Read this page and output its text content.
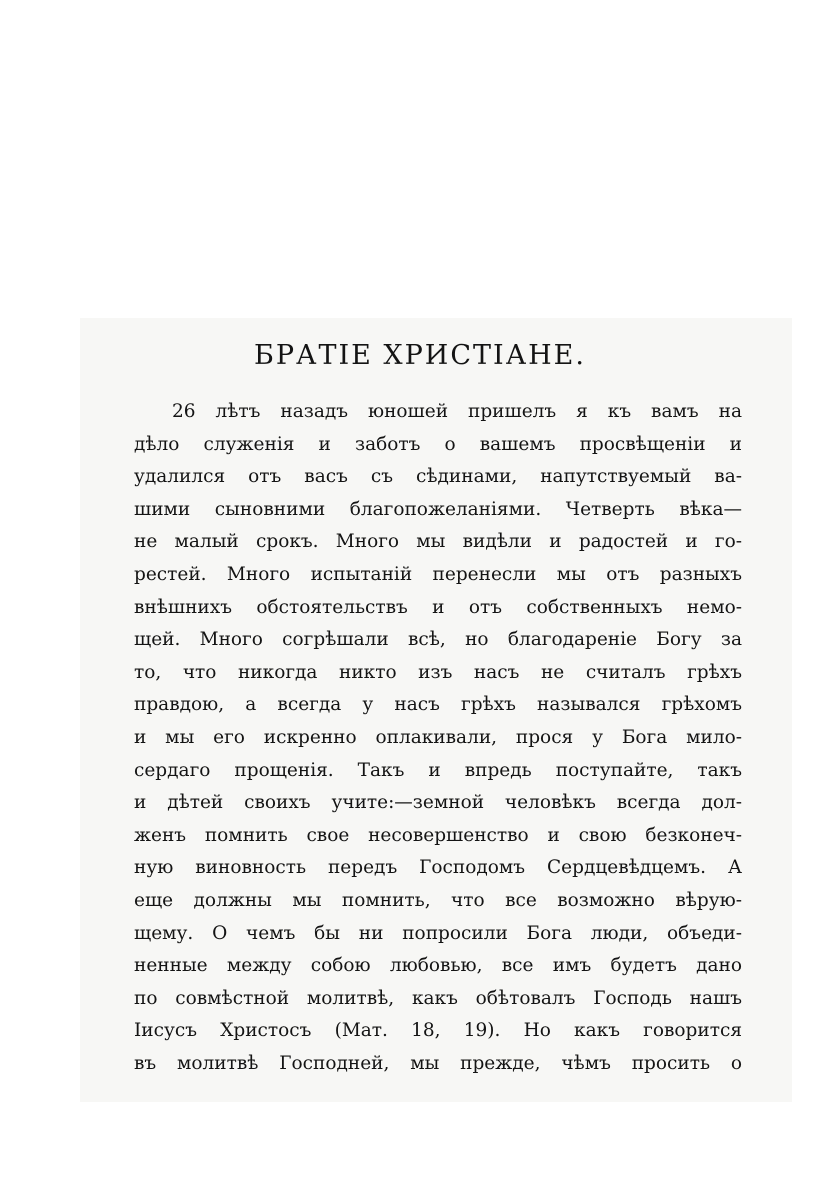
БРАТІЕ ХРИСТІАНЕ.
26 лѣтъ назадъ юношей пришелъ я къ вамъ на
дѣло служенія и заботъ о вашемъ просвѣщеніи и
удалился отъ васъ съ сѣдинами, напутствуемый ва-
шими сыновними благопожеланіями. Четверть вѣка—
не малый срокъ. Много мы видѣли и радостей и го-
рестей. Много испытаній перенесли мы отъ разныхъ
внѣшнихъ обстоятельствъ и отъ собственныхъ немо-
щей. Много согрѣшали всѣ, но благодареніе Богу за
то, что никогда никто изъ насъ не считалъ грѣхъ
правдою, а всегда у насъ грѣхъ назывался грѣхомъ
и мы его искренно оплакивали, прося у Бога мило-
сердаго прощенія. Такъ и впредь поступайте, такъ
и дѣтей своихъ учите:—земной человѣкъ всегда дол-
женъ помнить свое несовершенство и свою безконеч-
ную виновность передъ Господомъ Сердцевѣдцемъ. А
еще должны мы помнить, что все возможно вѣрую-
щему. О чемъ бы ни попросили Бога люди, объеди-
ненные между собою любовью, все имъ будетъ дано
по совмѣстной молитвѣ, какъ обѣтовалъ Господь нашъ
Іисусъ Христосъ (Мат. 18, 19). Но какъ говорится
въ молитвѣ Господней, мы прежде, чѣмъ просить о
